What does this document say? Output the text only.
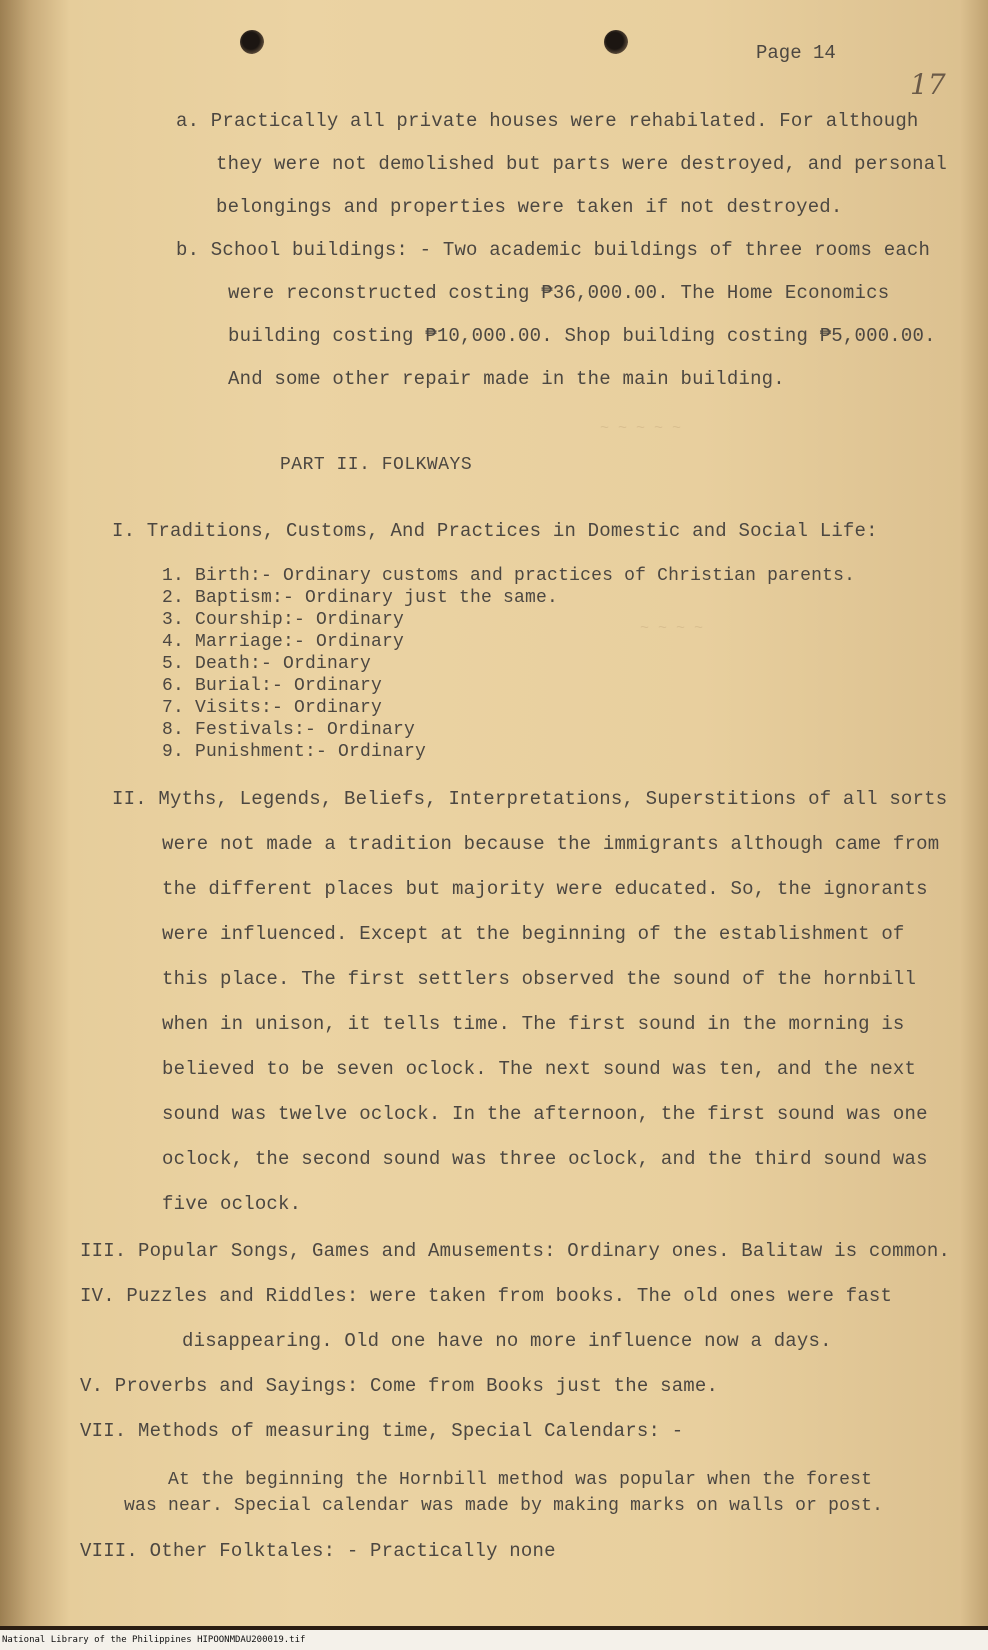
~ ~ ~ ~ ~
~ ~ ~ ~
Page 14
17
a. Practically all private houses were rehabilated. For although
they were not demolished but parts were destroyed, and personal
belongings and properties were taken if not destroyed.
b. School buildings: - Two academic buildings of three rooms each
were reconstructed costing ₱36,000.00. The Home Economics
building costing ₱10,000.00. Shop building costing ₱5,000.00.
And some other repair made in the main building.
PART II. FOLKWAYS
I. Traditions, Customs, And Practices in Domestic and Social Life:
1. Birth:- Ordinary customs and practices of Christian parents.
2. Baptism:- Ordinary just the same.
3. Courship:- Ordinary
4. Marriage:- Ordinary
5. Death:- Ordinary
6. Burial:- Ordinary
7. Visits:- Ordinary
8. Festivals:- Ordinary
9. Punishment:- Ordinary
II. Myths, Legends, Beliefs, Interpretations, Superstitions of all sorts
were not made a tradition because the immigrants although came from
the different places but majority were educated. So, the ignorants
were influenced. Except at the beginning of the establishment of
this place. The first settlers observed the sound of the hornbill
when in unison, it tells time. The first sound in the morning is
believed to be seven oclock. The next sound was ten, and the next
sound was twelve oclock. In the afternoon, the first sound was one
oclock, the second sound was three oclock, and the third sound was
five oclock.
III. Popular Songs, Games and Amusements: Ordinary ones. Balitaw is common.
IV. Puzzles and Riddles: were taken from books. The old ones were fast
disappearing. Old one have no more influence now a days.
V. Proverbs and Sayings: Come from Books just the same.
VII. Methods of measuring time, Special Calendars: -
At the beginning the Hornbill method was popular when the forest
was near. Special calendar was made by making marks on walls or post.
VIII. Other Folktales: - Practically none
National Library of the Philippines HIPOONMDAU200019.tif
